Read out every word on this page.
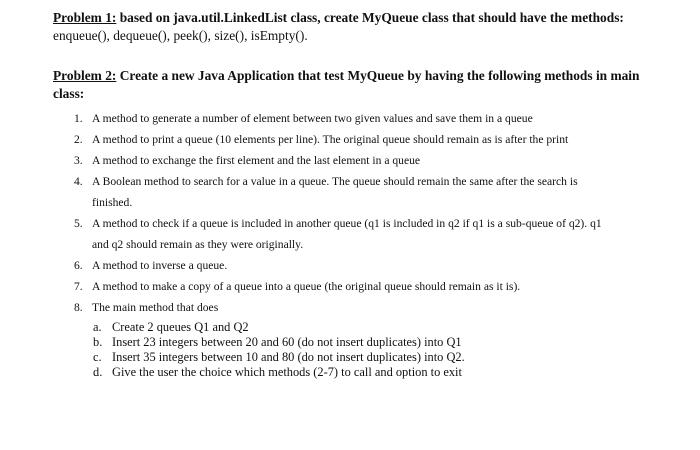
Problem 1: based on java.util.LinkedList class, create MyQueue class that should have the methods:

enqueue(), dequeue(), peek(), size(), isEmpty().

Problem 2: Create a new Java Application that test MyQueue by having the following methods in main

class:

1. A method to generate a number of element between two given values and save them in a queue
2. A method to print a queue (10 elements per line). The original queue should remain as is after the print
3. A method to exchange the first element and the last element in a queue
4. A Boolean method to search for a value in a queue. The queue should remain the same after the search is
finished.
5. A method to check if a queue is included in another queue (q1 is included in q2 if q1 is a sub-queue of q2). q1
and q2 should remain as they were originally.
6. A method to inverse a queue.
7. A method to make a copy of a queue into a queue (the original queue should remain as it is).
8. The main method that does
a. Create 2 queues Q1 and Q2
b. Insert 23 integers between 20 and 60 (do not insert duplicates) into Q1
c. Insert 35 integers between 10 and 80 (do not insert duplicates) into Q2.
d. Give the user the choice which methods (2-7) to call and option to exit
